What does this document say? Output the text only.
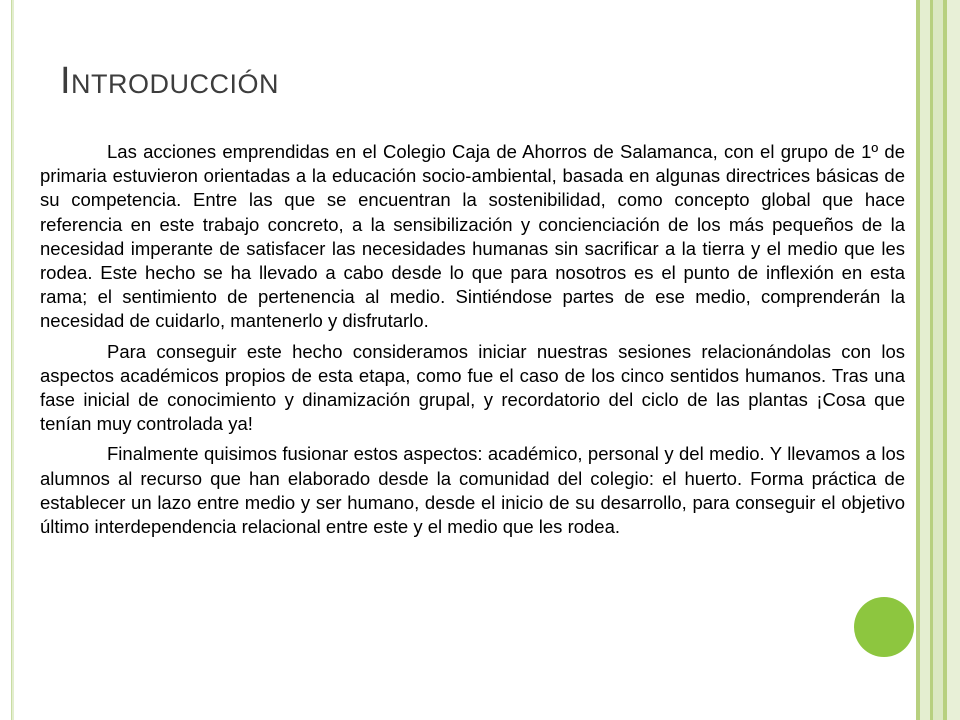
Introducción

Las acciones emprendidas en el Colegio Caja de Ahorros de Salamanca, con el grupo de 1º de primaria estuvieron orientadas a la educación socio-ambiental, basada en algunas directrices básicas de su competencia. Entre las que se encuentran la sostenibilidad, como concepto global que hace referencia en este trabajo concreto, a la sensibilización y concienciación de los más pequeños de la necesidad imperante de satisfacer las necesidades humanas sin sacrificar a la tierra y el medio que les rodea. Este hecho se ha llevado a cabo desde lo que para nosotros es el punto de inflexión en esta rama; el sentimiento de pertenencia al medio. Sintiéndose partes de ese medio, comprenderán la necesidad de cuidarlo, mantenerlo y disfrutarlo.

Para conseguir este hecho consideramos iniciar nuestras sesiones relacionándolas con los aspectos académicos propios de esta etapa, como fue el caso de los cinco sentidos humanos. Tras una fase inicial de conocimiento y dinamización grupal, y recordatorio del ciclo de las plantas ¡Cosa que tenían muy controlada ya!

Finalmente quisimos fusionar estos aspectos: académico, personal y del medio. Y llevamos a los alumnos al recurso que han elaborado desde la comunidad del colegio: el huerto. Forma práctica de establecer un lazo entre medio y ser humano, desde el inicio de su desarrollo, para conseguir el objetivo último interdependencia relacional entre este y el medio que les rodea.
